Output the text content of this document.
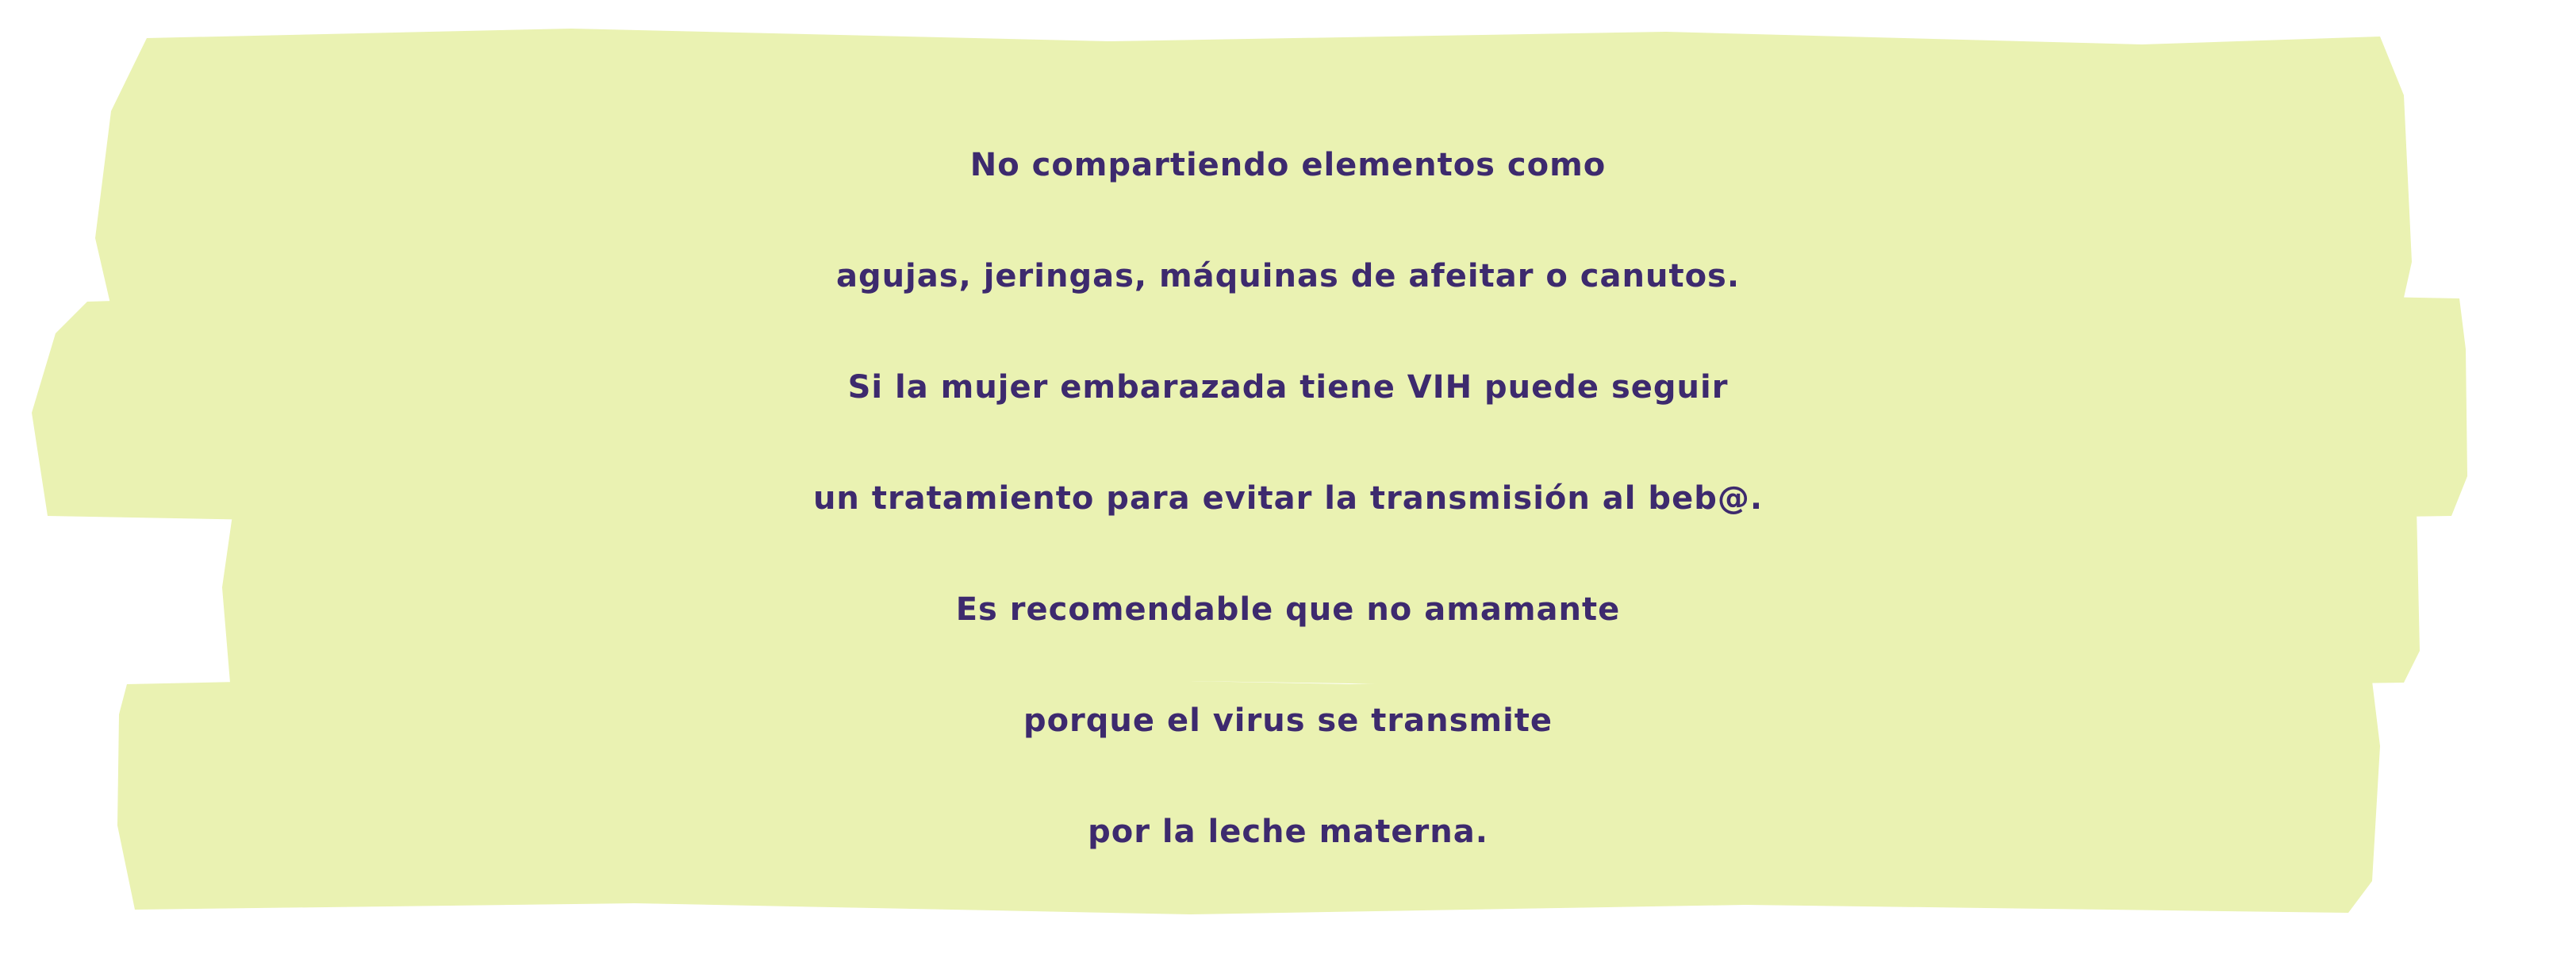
No compartiendo elementos como
agujas, jeringas, máquinas de afeitar o canutos.
Si la mujer embarazada tiene VIH puede seguir
un tratamiento para evitar la transmisión al beb@.
Es recomendable que no amamante
porque el virus se transmite
por la leche materna.
